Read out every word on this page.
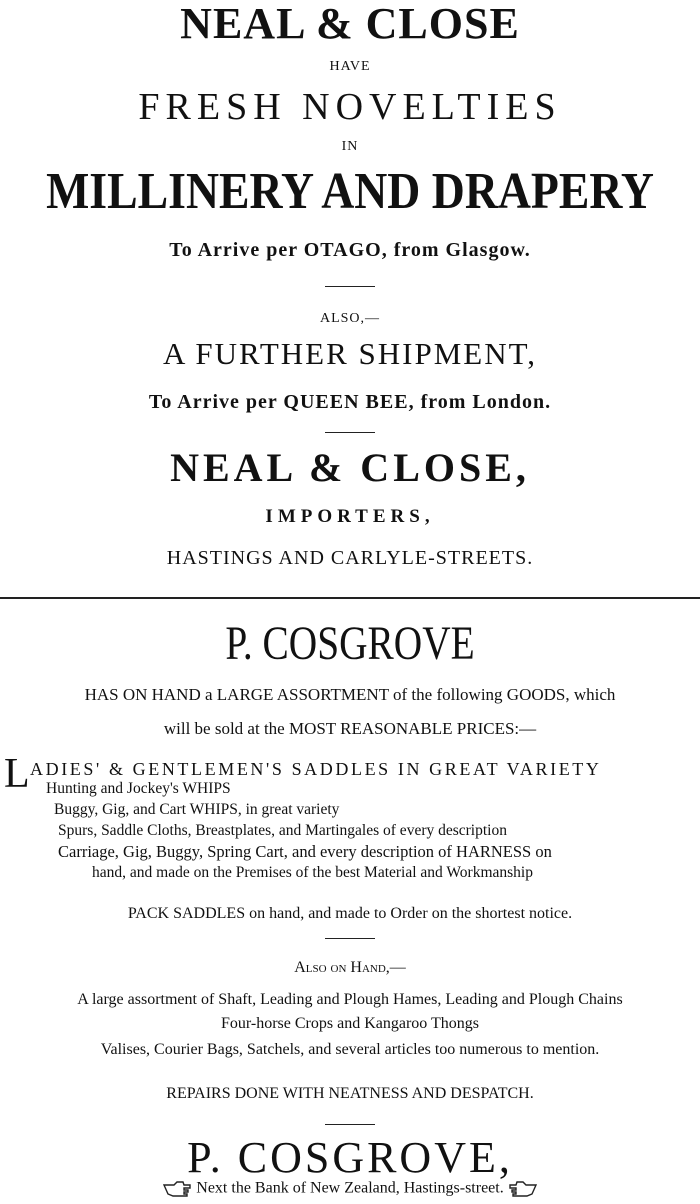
NEAL & CLOSE
HAVE
FRESH NOVELTIES
IN
MILLINERY AND DRAPERY
To Arrive per OTAGO, from Glasgow.
ALSO,—
A FURTHER SHIPMENT,
To Arrive per QUEEN BEE, from London.
NEAL & CLOSE,
IMPORTERS,
HASTINGS AND CARLYLE-STREETS.
P. COSGROVE
HAS ON HAND a LARGE ASSORTMENT of the following GOODS, which
will be sold at the MOST REASONABLE PRICES:—
L ADIES' & GENTLEMEN'S SADDLES IN GREAT VARIETY
Hunting and Jockey's WHIPS
Buggy, Gig, and Cart WHIPS, in great variety
Spurs, Saddle Cloths, Breastplates, and Martingales of every description
Carriage, Gig, Buggy, Spring Cart, and every description of HARNESS on
hand, and made on the Premises of the best Material and Workmanship
PACK SADDLES on hand, and made to Order on the shortest notice.
Also on Hand,—
A large assortment of Shaft, Leading and Plough Hames, Leading and Plough Chains
Four-horse Crops and Kangaroo Thongs
Valises, Courier Bags, Satchels, and several articles too numerous to mention.
REPAIRS DONE WITH NEATNESS AND DESPATCH.
P. COSGROVE,
Next the Bank of New Zealand, Hastings-street.
